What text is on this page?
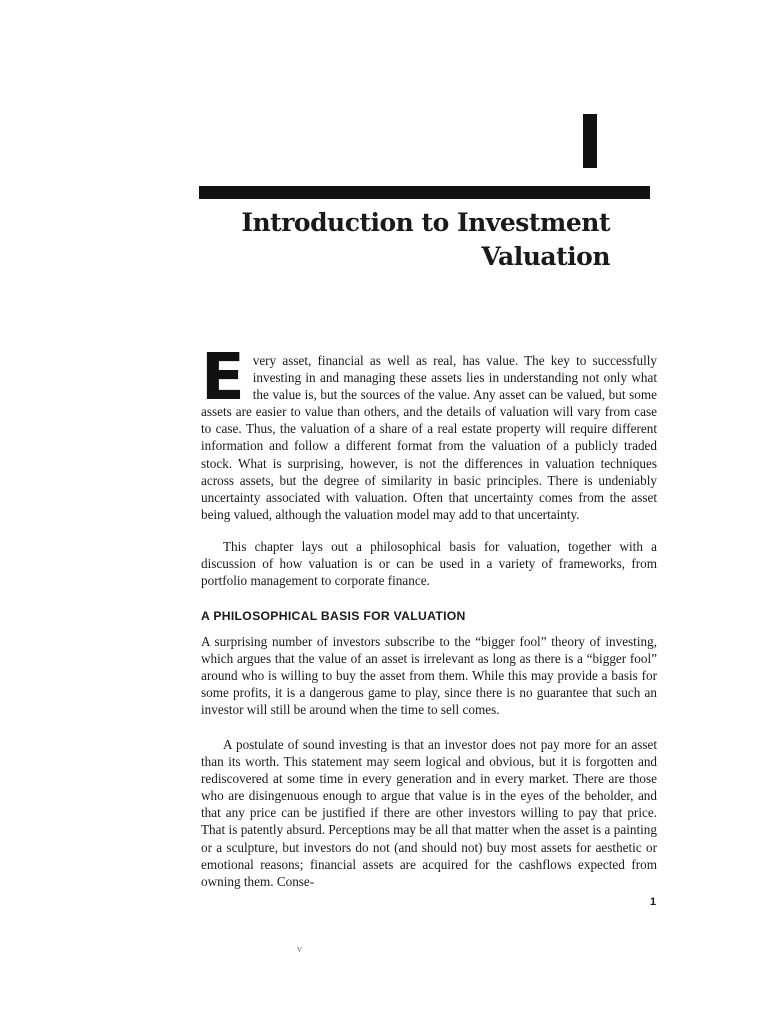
Introduction to Investment
Valuation

Every asset, financial as well as real, has value. The key to successfully investing in and managing these assets lies in understanding not only what the value is, but the sources of the value. Any asset can be valued, but some assets are easier to value than others, and the details of valuation will vary from case to case. Thus, the valuation of a share of a real estate property will require different information and follow a different format from the valuation of a publicly traded stock. What is surprising, however, is not the differences in valuation techniques across assets, but the degree of similarity in basic principles. There is undeniably uncertainty associated with valuation. Often that uncertainty comes from the asset being valued, although the valuation model may add to that uncertainty.

This chapter lays out a philosophical basis for valuation, together with a discussion of how valuation is or can be used in a variety of frameworks, from portfolio management to corporate finance.

A PHILOSOPHICAL BASIS FOR VALUATION

A surprising number of investors subscribe to the “bigger fool” theory of investing, which argues that the value of an asset is irrelevant as long as there is a “bigger fool” around who is willing to buy the asset from them. While this may provide a basis for some profits, it is a dangerous game to play, since there is no guarantee that such an investor will still be around when the time to sell comes.

A postulate of sound investing is that an investor does not pay more for an asset than its worth. This statement may seem logical and obvious, but it is forgotten and rediscovered at some time in every generation and in every market. There are those who are disingenuous enough to argue that value is in the eyes of the beholder, and that any price can be justified if there are other investors willing to pay that price. That is patently absurd. Perceptions may be all that matter when the asset is a painting or a sculpture, but investors do not (and should not) buy most assets for aesthetic or emotional reasons; financial assets are acquired for the cashflows expected from owning them. Conse-

1
v
